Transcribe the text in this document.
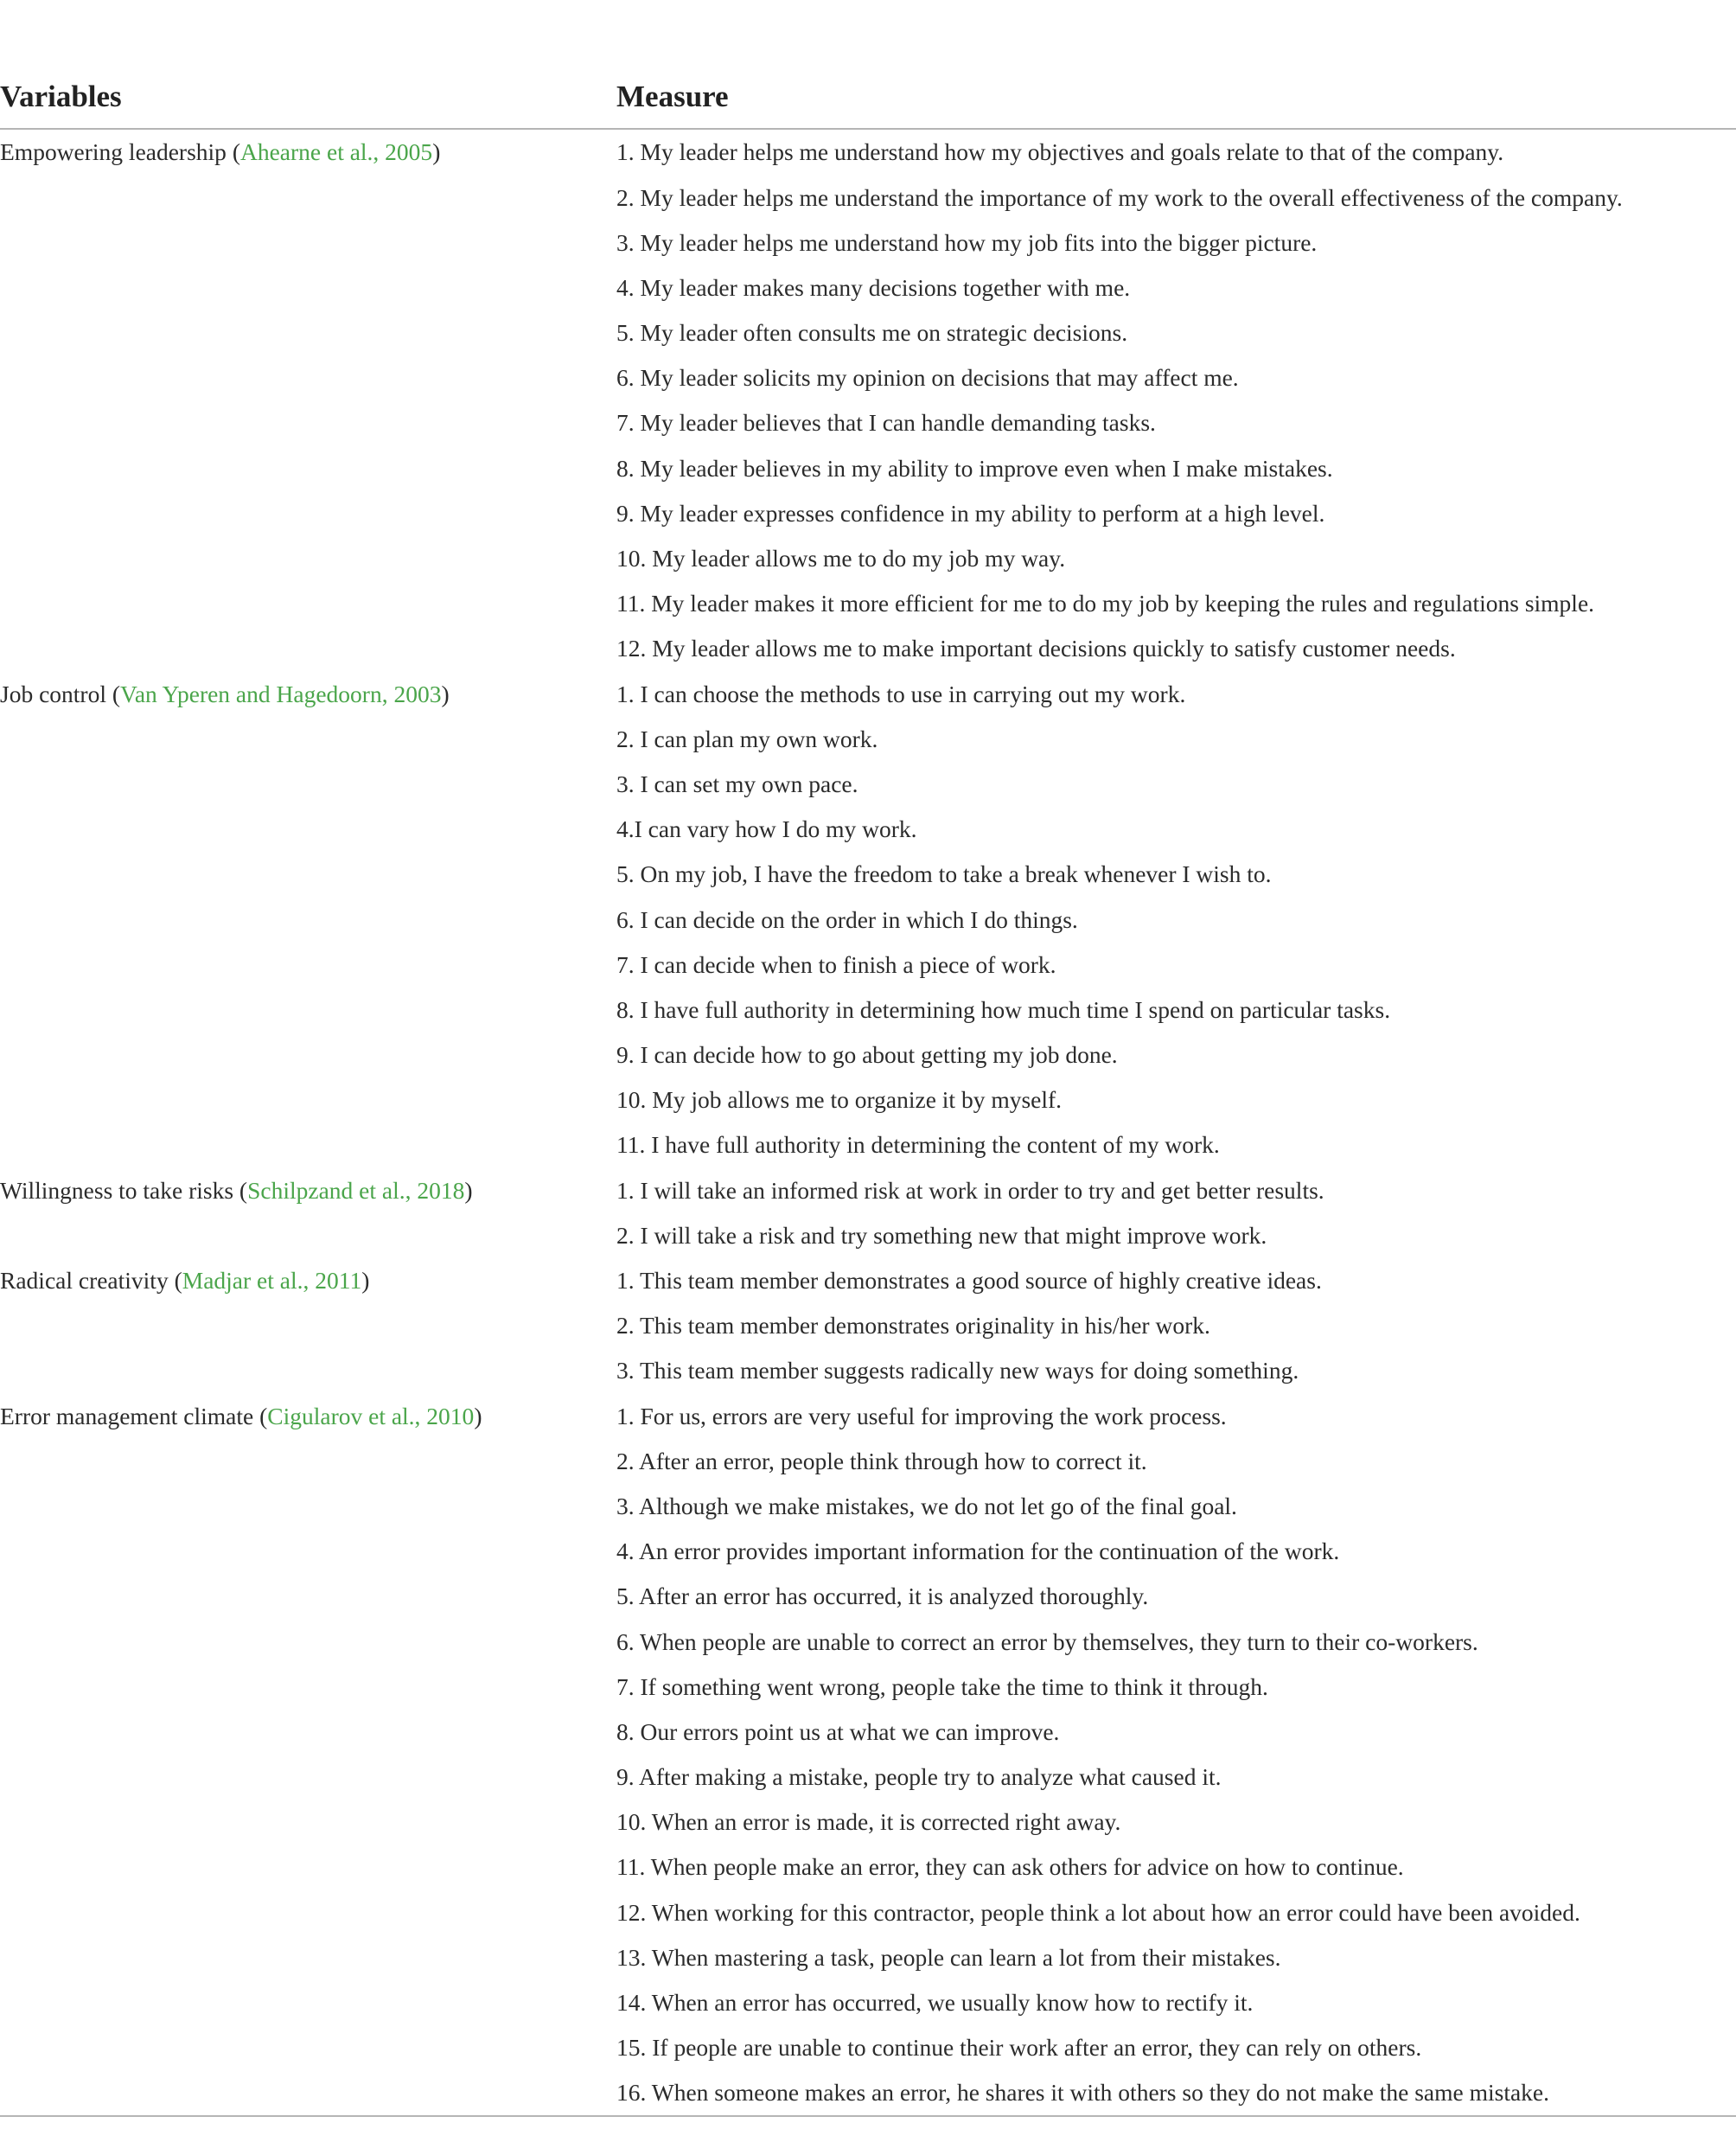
Variables	Measure
Empowering leadership (Ahearne et al., 2005)	1. My leader helps me understand how my objectives and goals relate to that of the company.
	2. My leader helps me understand the importance of my work to the overall effectiveness of the company.
	3. My leader helps me understand how my job fits into the bigger picture.
	4. My leader makes many decisions together with me.
	5. My leader often consults me on strategic decisions.
	6. My leader solicits my opinion on decisions that may affect me.
	7. My leader believes that I can handle demanding tasks.
	8. My leader believes in my ability to improve even when I make mistakes.
	9. My leader expresses confidence in my ability to perform at a high level.
	10. My leader allows me to do my job my way.
	11. My leader makes it more efficient for me to do my job by keeping the rules and regulations simple.
	12. My leader allows me to make important decisions quickly to satisfy customer needs.
Job control (Van Yperen and Hagedoorn, 2003)	1. I can choose the methods to use in carrying out my work.
	2. I can plan my own work.
	3. I can set my own pace.
	4.I can vary how I do my work.
	5. On my job, I have the freedom to take a break whenever I wish to.
	6. I can decide on the order in which I do things.
	7. I can decide when to finish a piece of work.
	8. I have full authority in determining how much time I spend on particular tasks.
	9. I can decide how to go about getting my job done.
	10. My job allows me to organize it by myself.
	11. I have full authority in determining the content of my work.
Willingness to take risks (Schilpzand et al., 2018)	1. I will take an informed risk at work in order to try and get better results.
	2. I will take a risk and try something new that might improve work.
Radical creativity (Madjar et al., 2011)	1. This team member demonstrates a good source of highly creative ideas.
	2. This team member demonstrates originality in his/her work.
	3. This team member suggests radically new ways for doing something.
Error management climate (Cigularov et al., 2010)	1. For us, errors are very useful for improving the work process.
	2. After an error, people think through how to correct it.
	3. Although we make mistakes, we do not let go of the final goal.
	4. An error provides important information for the continuation of the work.
	5. After an error has occurred, it is analyzed thoroughly.
	6. When people are unable to correct an error by themselves, they turn to their co-workers.
	7. If something went wrong, people take the time to think it through.
	8. Our errors point us at what we can improve.
	9. After making a mistake, people try to analyze what caused it.
	10. When an error is made, it is corrected right away.
	11. When people make an error, they can ask others for advice on how to continue.
	12. When working for this contractor, people think a lot about how an error could have been avoided.
	13. When mastering a task, people can learn a lot from their mistakes.
	14. When an error has occurred, we usually know how to rectify it.
	15. If people are unable to continue their work after an error, they can rely on others.
	16. When someone makes an error, he shares it with others so they do not make the same mistake.
